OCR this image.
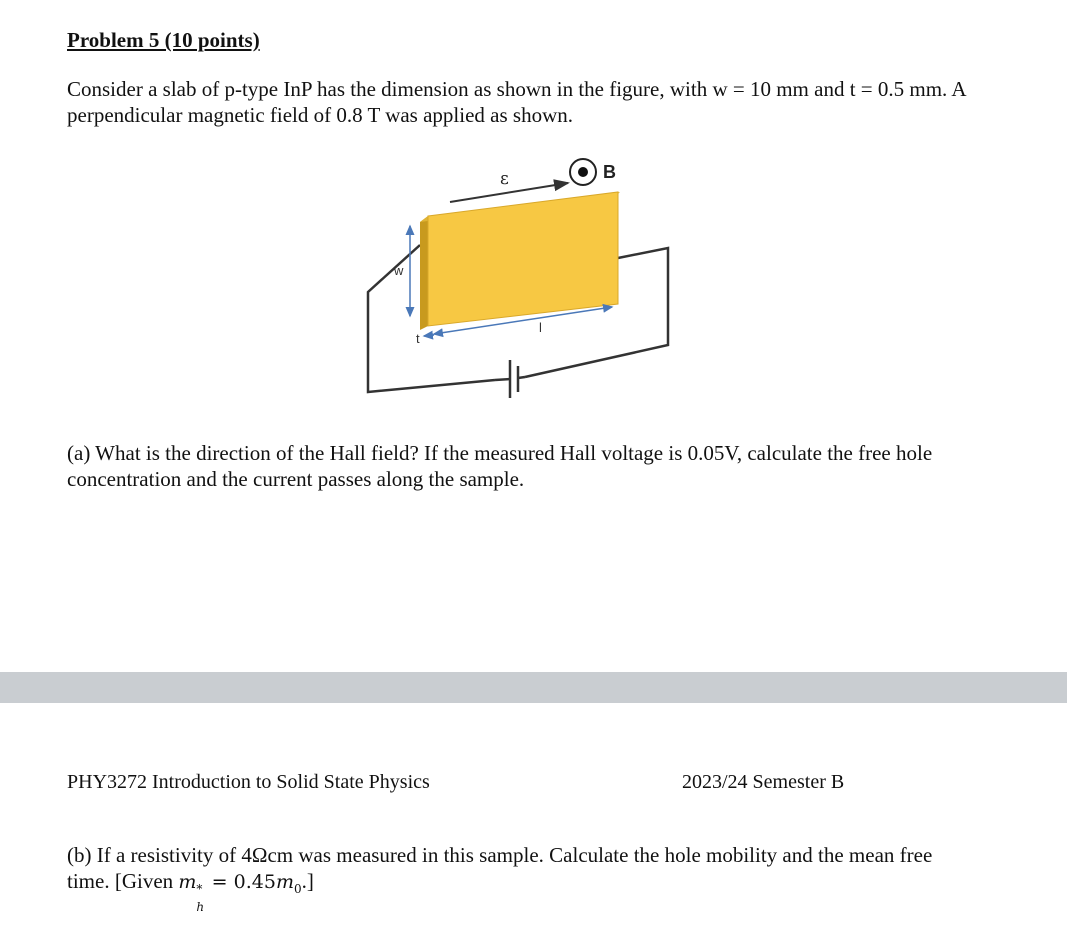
Problem 5 (10 points)

Consider a slab of p-type InP has the dimension as shown in the figure, with w = 10 mm and t = 0.5 mm. A perpendicular magnetic field of 0.8 T was applied as shown.

ε	B
w
t
l

(a) What is the direction of the Hall field? If the measured Hall voltage is 0.05V, calculate the free hole concentration and the current passes along the sample.

PHY3272 Introduction to Solid State Physics	2023/24 Semester B

(b) If a resistivity of 4Ωcm was measured in this sample. Calculate the hole mobility and the mean free time. [Given m *
h
= $0.45m_0$.]
